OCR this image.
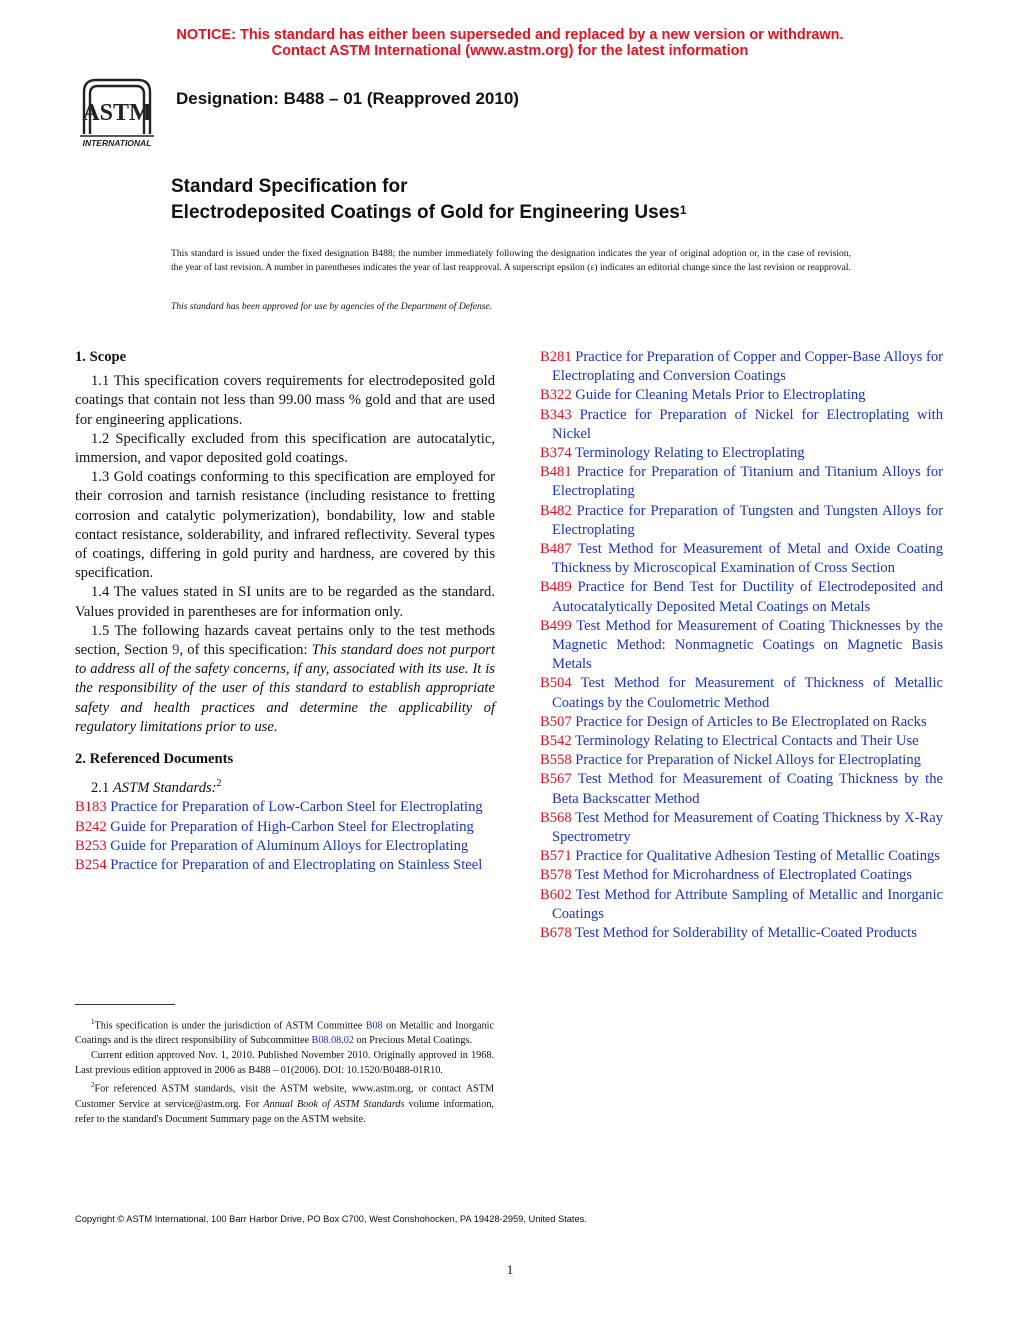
NOTICE: This standard has either been superseded and replaced by a new version or withdrawn.
Contact ASTM International (www.astm.org) for the latest information
ASTM
INTERNATIONAL
Designation: B488 – 01 (Reapproved 2010)
Standard Specification for
Electrodeposited Coatings of Gold for Engineering Uses$^1$
This standard is issued under the fixed designation B488; the number immediately following the designation indicates the year of original adoption or, in the case of revision, the year of last revision. A number in parentheses indicates the year of last reapproval. A superscript epsilon (ε) indicates an editorial change since the last revision or reapproval.
This standard has been approved for use by agencies of the Department of Defense.
1. Scope

1.1 This specification covers requirements for electrodeposited gold coatings that contain not less than 99.00 mass % gold and that are used for engineering applications.

1.2 Specifically excluded from this specification are autocatalytic, immersion, and vapor deposited gold coatings.

1.3 Gold coatings conforming to this specification are employed for their corrosion and tarnish resistance (including resistance to fretting corrosion and catalytic polymerization), bondability, low and stable contact resistance, solderability, and infrared reflectivity. Several types of coatings, differing in gold purity and hardness, are covered by this specification.

1.4 The values stated in SI units are to be regarded as the standard. Values provided in parentheses are for information only.

1.5 The following hazards caveat pertains only to the test methods section, Section 9, of this specification: This standard does not purport to address all of the safety concerns, if any, associated with its use. It is the responsibility of the user of this standard to establish appropriate safety and health practices and determine the applicability of regulatory limitations prior to use.

2. Referenced Documents

2.1 ASTM Standards:$^2$

B183 Practice for Preparation of Low-Carbon Steel for Electroplating

B242 Guide for Preparation of High-Carbon Steel for Electroplating

B253 Guide for Preparation of Aluminum Alloys for Electroplating

B254 Practice for Preparation of and Electroplating on Stainless Steel

B281 Practice for Preparation of Copper and Copper-Base Alloys for Electroplating and Conversion Coatings

B322 Guide for Cleaning Metals Prior to Electroplating

B343 Practice for Preparation of Nickel for Electroplating with Nickel

B374 Terminology Relating to Electroplating

B481 Practice for Preparation of Titanium and Titanium Alloys for Electroplating

B482 Practice for Preparation of Tungsten and Tungsten Alloys for Electroplating

B487 Test Method for Measurement of Metal and Oxide Coating Thickness by Microscopical Examination of Cross Section

B489 Practice for Bend Test for Ductility of Electrodeposited and Autocatalytically Deposited Metal Coatings on Metals

B499 Test Method for Measurement of Coating Thicknesses by the Magnetic Method: Nonmagnetic Coatings on Magnetic Basis Metals

B504 Test Method for Measurement of Thickness of Metallic Coatings by the Coulometric Method

B507 Practice for Design of Articles to Be Electroplated on Racks

B542 Terminology Relating to Electrical Contacts and Their Use

B558 Practice for Preparation of Nickel Alloys for Electroplating

B567 Test Method for Measurement of Coating Thickness by the Beta Backscatter Method

B568 Test Method for Measurement of Coating Thickness by X-Ray Spectrometry

B571 Practice for Qualitative Adhesion Testing of Metallic Coatings

B578 Test Method for Microhardness of Electroplated Coatings

B602 Test Method for Attribute Sampling of Metallic and Inorganic Coatings

B678 Test Method for Solderability of Metallic-Coated Products

$^1$This specification is under the jurisdiction of ASTM Committee B08 on Metallic and Inorganic Coatings and is the direct responsibility of Subcommittee B08.08.02 on Precious Metal Coatings.

Current edition approved Nov. 1, 2010. Published November 2010. Originally approved in 1968. Last previous edition approved in 2006 as B488 – 01(2006). DOI: 10.1520/B0488-01R10.

$^2$For referenced ASTM standards, visit the ASTM website, www.astm.org, or contact ASTM Customer Service at service@astm.org. For Annual Book of ASTM Standards volume information, refer to the standard's Document Summary page on the ASTM website.

Copyright © ASTM International, 100 Barr Harbor Drive, PO Box C700, West Conshohocken, PA 19428-2959, United States.
1
